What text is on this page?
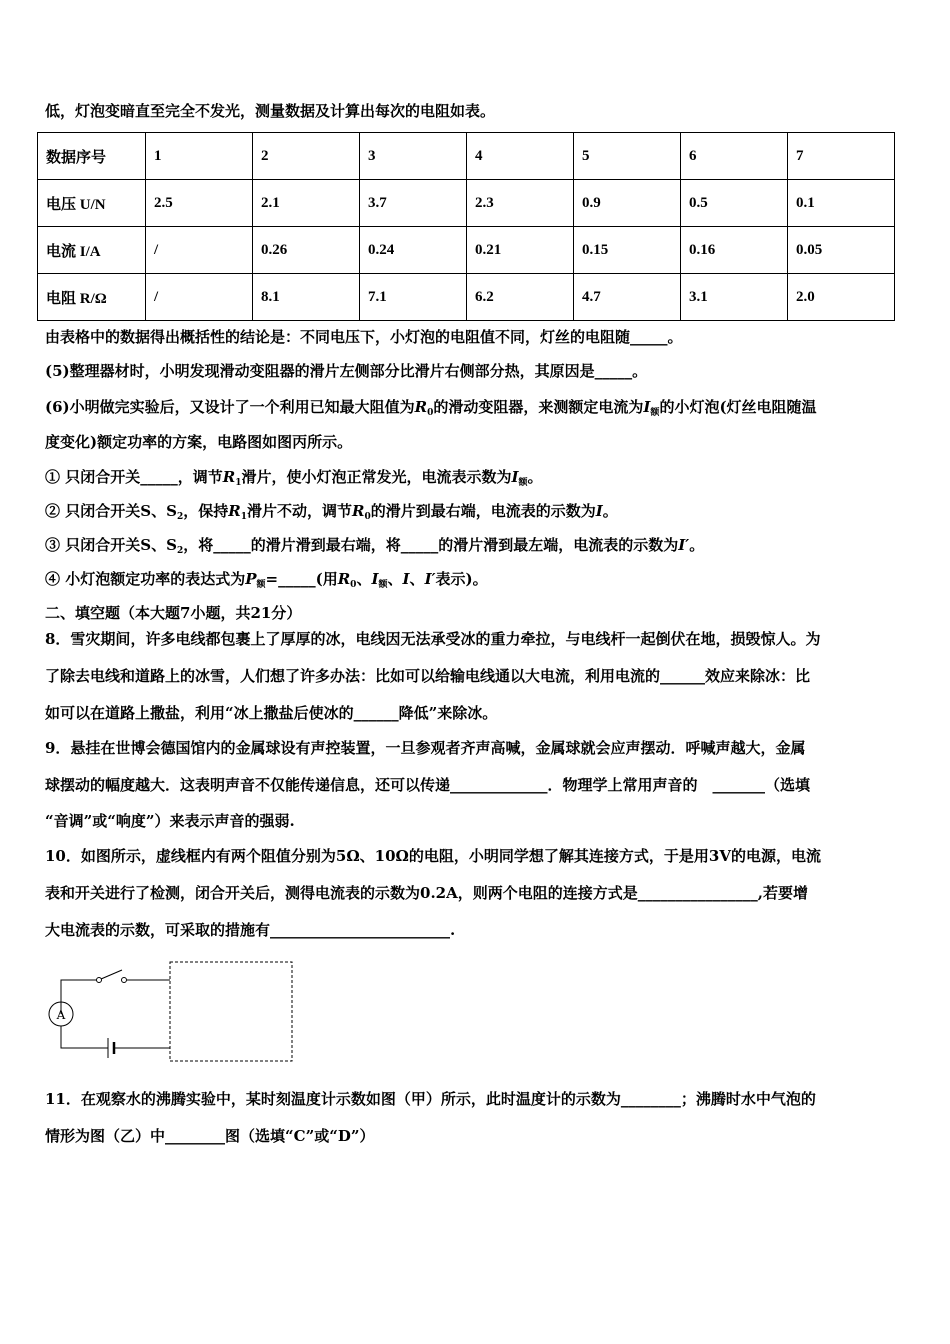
低，灯泡变暗直至完全不发光，测量数据及计算出每次的电阻如表。
数据序号	1	2	3	4	5	6	7
电压 U/N	2.5	2.1	3.7	2.3	0.9	0.5	0.1
电流 I/A	/	0.26	0.24	0.21	0.15	0.16	0.05
电阻 R/Ω	/	8.1	7.1	6.2	4.7	3.1	2.0
由表格中的数据得出概括性的结论是：不同电压下，小灯泡的电阻值不同，灯丝的电阻随_____。
(5)整理器材时，小明发现滑动变阻器的滑片左侧部分比滑片右侧部分热，其原因是_____。
(6)小明做完实验后，又设计了一个利用已知最大阻值为$R_0$的滑动变阻器，来测额定电流为$I_额$的小灯泡(灯丝电阻随温
度变化)额定功率的方案，电路图如图丙所示。
① 只闭合开关_____，调节$R_1$滑片，使小灯泡正常发光，电流表示数为$I_额$。
② 只闭合开关S、$S_2$，保持$R_1$滑片不动，调节$R_0$的滑片到最右端，电流表的示数为I。
③ 只闭合开关S、$S_2$，将_____的滑片滑到最右端，将_____的滑片滑到最左端，电流表的示数为I′。
④ 小灯泡额定功率的表达式为$P_额=\_\_\_\_\_$(用$R_0$、$I_额$、I、I′表示)。
二、填空题（本大题7小题，共21分）
8．雪灾期间，许多电线都包裹上了厚厚的冰，电线因无法承受冰的重力牵拉，与电线杆一起倒伏在地，损毁惊人。为
了除去电线和道路上的冰雪，人们想了许多办法：比如可以给输电线通以大电流，利用电流的______效应来除冰：比
如可以在道路上撒盐，利用“冰上撒盐后使冰的______降低”来除冰。
9．悬挂在世博会德国馆内的金属球设有声控装置，一旦参观者齐声高喊，金属球就会应声摆动．呼喊声越大，金属
球摆动的幅度越大．这表明声音不仅能传递信息，还可以传递_____________．物理学上常用声音的　_______（选填
“音调”或“响度”）来表示声音的强弱.
10．如图所示，虚线框内有两个阻值分别为5Ω、10Ω的电阻，小明同学想了解其连接方式，于是用3V的电源，电流
表和开关进行了检测，闭合开关后，测得电流表的示数为0.2A，则两个电阻的连接方式是________________,若要增
大电流表的示数，可采取的措施有________________________.
A
11．在观察水的沸腾实验中，某时刻温度计示数如图（甲）所示，此时温度计的示数为________；沸腾时水中气泡的
情形为图（乙）中________图（选填“C”或“D”）
